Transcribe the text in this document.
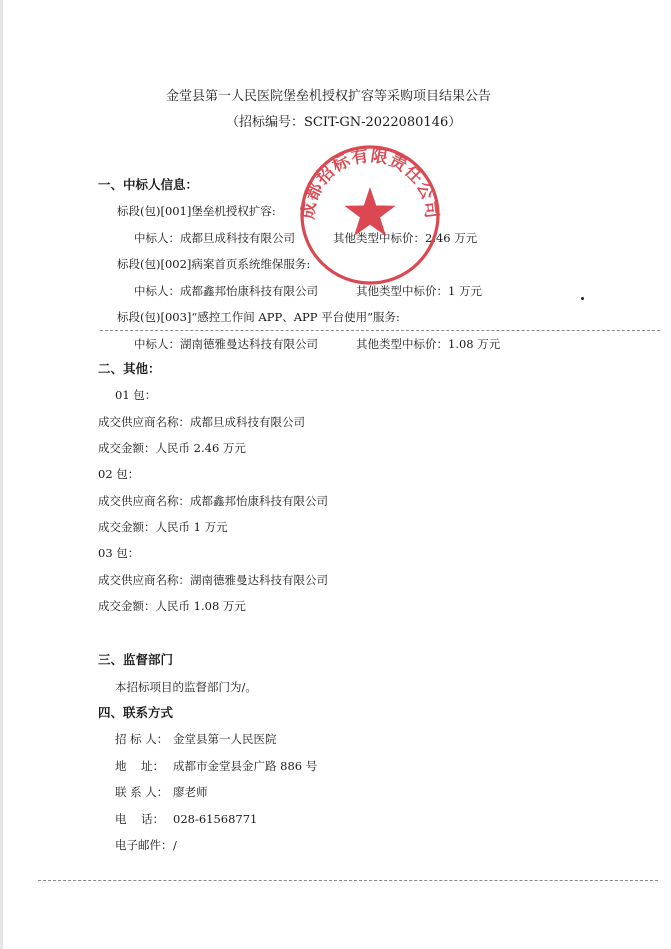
金堂县第一人民医院堡垒机授权扩容等采购项目结果公告
（招标编号：SCIT-GN-2022080146）
一、中标人信息：
标段(包)[001]堡垒机授权扩容:
中标人：成都旦成科技有限公司	其他类型中标价：2.46 万元
标段(包)[002]病案首页系统维保服务:
中标人：成都鑫邦怡康科技有限公司	其他类型中标价：1 万元
标段(包)[003]“感控工作间 APP、APP 平台使用”服务:
中标人：湖南德雅曼达科技有限公司	其他类型中标价：1.08 万元
二、其他：
01 包：
成交供应商名称：成都旦成科技有限公司
成交金额：人民币 2.46 万元
02 包：
成交供应商名称：成都鑫邦怡康科技有限公司
成交金额：人民币 1 万元
03 包：
成交供应商名称：湖南德雅曼达科技有限公司
成交金额：人民币 1.08 万元
三、监督部门
本招标项目的监督部门为/。
四、联系方式
招 标 人： 金堂县第一人民医院
地    址： 成都市金堂县金广路 886 号
联 系 人： 廖老师
电    话： 028-61568771
电子邮件： /
成都招标有限责任公司
